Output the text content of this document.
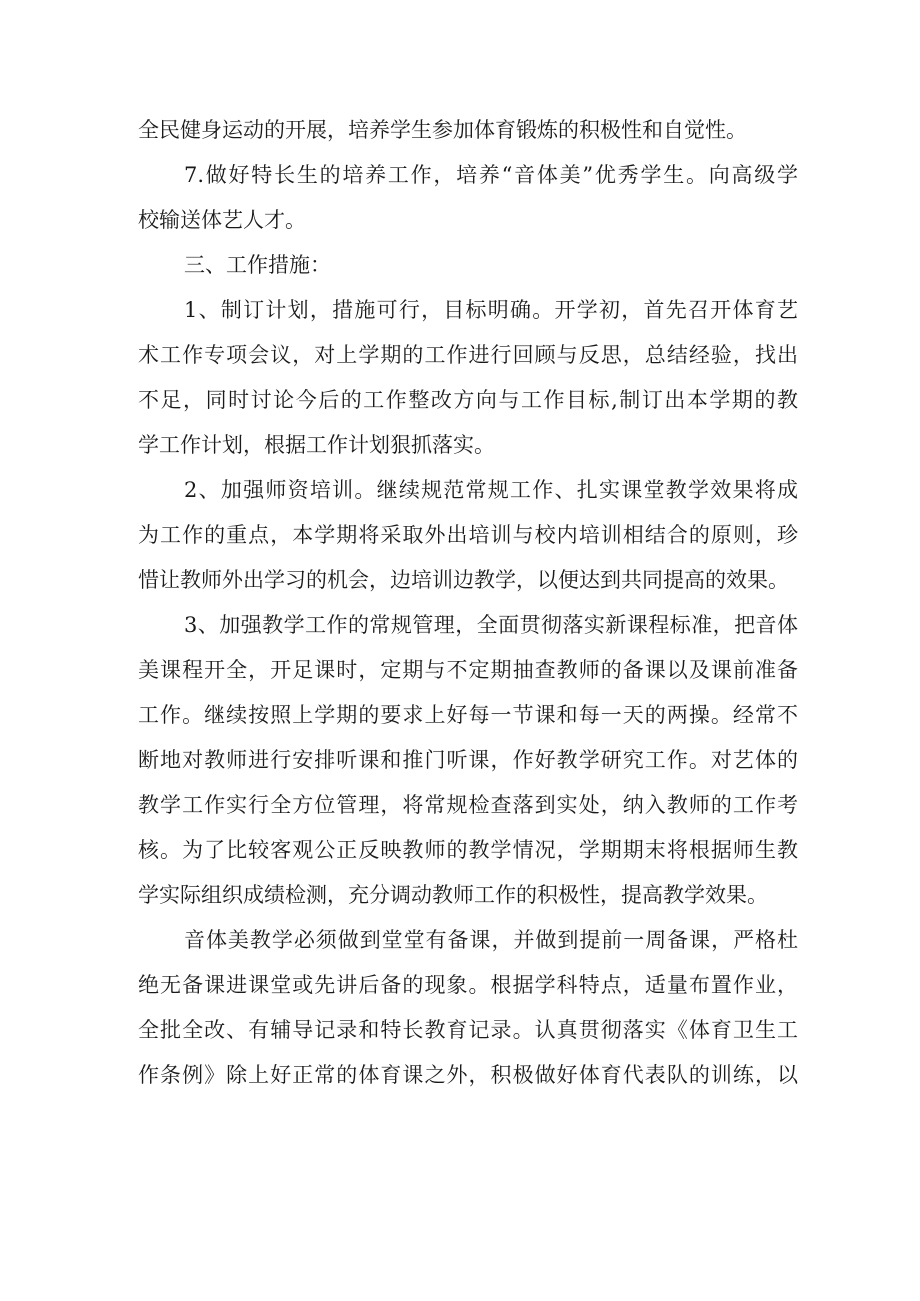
全民健身运动的开展，培养学生参加体育锻炼的积极性和自觉性。
7.做好特长生的培养工作，培养“音体美”优秀学生。向高级学
校输送体艺人才。
三、工作措施：
1、制订计划，措施可行，目标明确。开学初，首先召开体育艺
术工作专项会议，对上学期的工作进行回顾与反思，总结经验，找出
不足，同时讨论今后的工作整改方向与工作目标,制订出本学期的教
学工作计划，根据工作计划狠抓落实。
2、加强师资培训。继续规范常规工作、扎实课堂教学效果将成
为工作的重点，本学期将采取外出培训与校内培训相结合的原则，珍
惜让教师外出学习的机会，边培训边教学，以便达到共同提高的效果。
3、加强教学工作的常规管理，全面贯彻落实新课程标准，把音体
美课程开全，开足课时，定期与不定期抽查教师的备课以及课前准备
工作。继续按照上学期的要求上好每一节课和每一天的两操。经常不
断地对教师进行安排听课和推门听课，作好教学研究工作。对艺体的
教学工作实行全方位管理，将常规检查落到实处，纳入教师的工作考
核。为了比较客观公正反映教师的教学情况，学期期末将根据师生教
学实际组织成绩检测，充分调动教师工作的积极性，提高教学效果。
音体美教学必须做到堂堂有备课，并做到提前一周备课，严格杜
绝无备课进课堂或先讲后备的现象。根据学科特点，适量布置作业，
全批全改、有辅导记录和特长教育记录。认真贯彻落实《体育卫生工
作条例》除上好正常的体育课之外，积极做好体育代表队的训练，以
